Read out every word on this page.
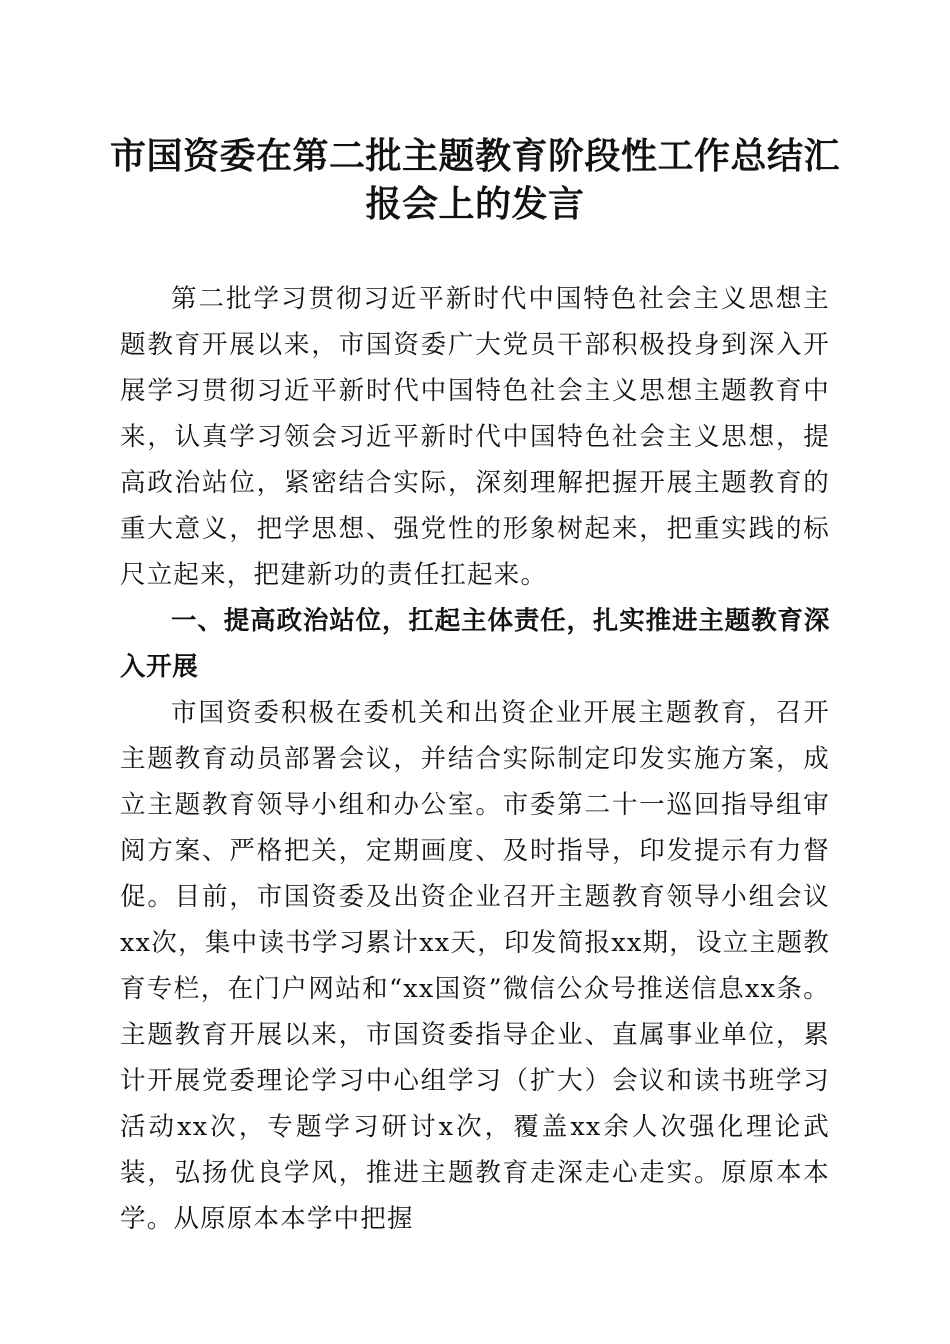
市国资委在第二批主题教育阶段性工作总结汇
报会上的发言

第二批学习贯彻习近平新时代中国特色社会主义思想主题教育开展以来，市国资委广大党员干部积极投身到深入开展学习贯彻习近平新时代中国特色社会主义思想主题教育中来，认真学习领会习近平新时代中国特色社会主义思想，提高政治站位，紧密结合实际，深刻理解把握开展主题教育的重大意义，把学思想、强党性的形象树起来，把重实践的标尺立起来，把建新功的责任扛起来。

一、提高政治站位，扛起主体责任，扎实推进主题教育深入开展

市国资委积极在委机关和出资企业开展主题教育，召开主题教育动员部署会议，并结合实际制定印发实施方案，成立主题教育领导小组和办公室。市委第二十一巡回指导组审阅方案、严格把关，定期画度、及时指导，印发提示有力督促。目前，市国资委及出资企业召开主题教育领导小组会议xx次，集中读书学习累计xx天，印发简报xx期，设立主题教育专栏，在门户网站和“xx国资”微信公众号推送信息xx条。主题教育开展以来，市国资委指导企业、直属事业单位，累计开展党委理论学习中心组学习（扩大）会议和读书班学习活动xx次，专题学习研讨x次，覆盖xx余人次强化理论武装，弘扬优良学风，推进主题教育走深走心走实。原原本本学。从原原本本学中把握
